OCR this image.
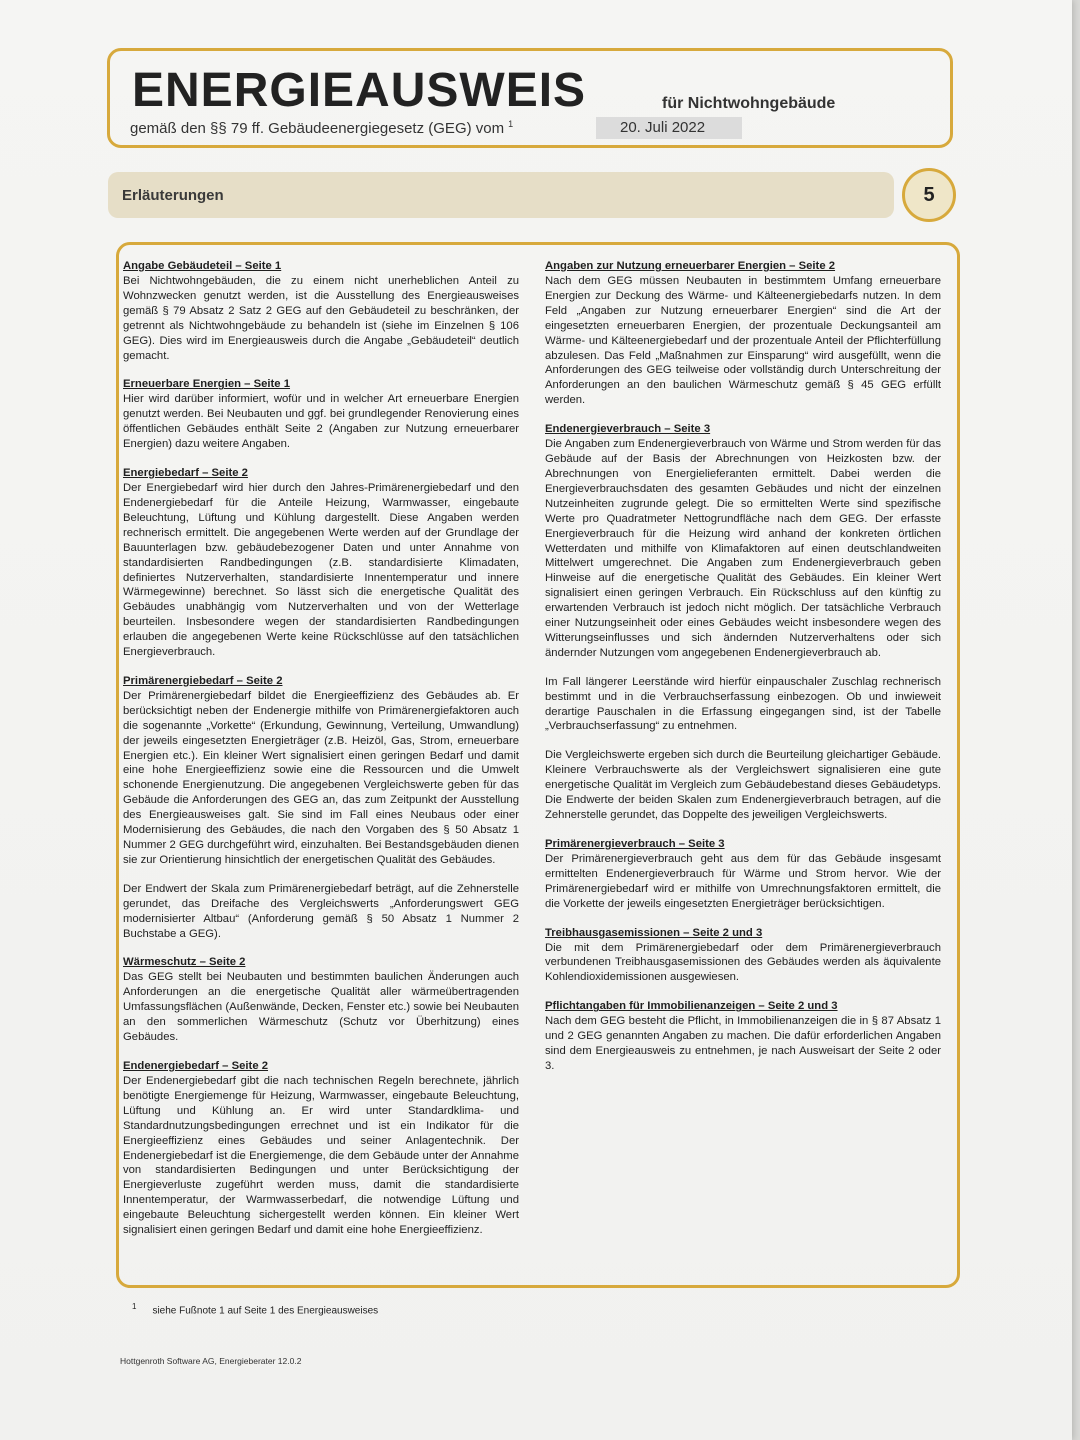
ENERGIEAUSWEIS	für Nichtwohngebäude
gemäß den §§ 79 ff. Gebäudeenergiegesetz (GEG) vom $^1$	20. Juli 2022
Erläuterungen	5
Angabe Gebäudeteil – Seite 1

Bei Nichtwohngebäuden, die zu einem nicht unerheblichen Anteil zu Wohnzwecken genutzt werden, ist die Ausstellung des Energieausweises gemäß § 79 Absatz 2 Satz 2 GEG auf den Gebäudeteil zu beschränken, der getrennt als Nichtwohngebäude zu behandeln ist (siehe im Einzelnen § 106 GEG). Dies wird im Energieausweis durch die Angabe „Gebäudeteil“ deutlich gemacht.

Erneuerbare Energien – Seite 1

Hier wird darüber informiert, wofür und in welcher Art erneuerbare Energien genutzt werden. Bei Neubauten und ggf. bei grundlegender Renovierung eines öffentlichen Gebäudes enthält Seite 2 (Angaben zur Nutzung erneuerbarer Energien) dazu weitere Angaben.

Energiebedarf – Seite 2

Der Energiebedarf wird hier durch den Jahres-Primärenergiebedarf und den Endenergiebedarf für die Anteile Heizung, Warmwasser, eingebaute Beleuchtung, Lüftung und Kühlung dargestellt. Diese Angaben werden rechnerisch ermittelt. Die angegebenen Werte werden auf der Grundlage der Bauunterlagen bzw. gebäudebezogener Daten und unter Annahme von standardisierten Randbedingungen (z.B. standardisierte Klimadaten, definiertes Nutzerverhalten, standardisierte Innentemperatur und innere Wärmegewinne) berechnet. So lässt sich die energetische Qualität des Gebäudes unabhängig vom Nutzerverhalten und von der Wetterlage beurteilen. Insbesondere wegen der standardisierten Randbedingungen erlauben die angegebenen Werte keine Rückschlüsse auf den tatsächlichen Energieverbrauch.

Primärenergiebedarf – Seite 2

Der Primärenergiebedarf bildet die Energieeffizienz des Gebäudes ab. Er berücksichtigt neben der Endenergie mithilfe von Primärenergiefaktoren auch die sogenannte „Vorkette“ (Erkundung, Gewinnung, Verteilung, Umwandlung) der jeweils eingesetzten Energieträger (z.B. Heizöl, Gas, Strom, erneuerbare Energien etc.). Ein kleiner Wert signalisiert einen geringen Bedarf und damit eine hohe Energieeffizienz sowie eine die Ressourcen und die Umwelt schonende Energienutzung. Die angegebenen Vergleichswerte geben für das Gebäude die Anforderungen des GEG an, das zum Zeitpunkt der Ausstellung des Energieausweises galt. Sie sind im Fall eines Neubaus oder einer Modernisierung des Gebäudes, die nach den Vorgaben des § 50 Absatz 1 Nummer 2 GEG durchgeführt wird, einzuhalten. Bei Bestandsgebäuden dienen sie zur Orientierung hinsichtlich der energetischen Qualität des Gebäudes.

Der Endwert der Skala zum Primärenergiebedarf beträgt, auf die Zehnerstelle gerundet, das Dreifache des Vergleichswerts „Anforderungswert GEG modernisierter Altbau“ (Anforderung gemäß § 50 Absatz 1 Nummer 2 Buchstabe a GEG).

Wärmeschutz – Seite 2

Das GEG stellt bei Neubauten und bestimmten baulichen Änderungen auch Anforderungen an die energetische Qualität aller wärmeübertragenden Umfassungsflächen (Außenwände, Decken, Fenster etc.) sowie bei Neubauten an den sommerlichen Wärmeschutz (Schutz vor Überhitzung) eines Gebäudes.

Endenergiebedarf – Seite 2

Der Endenergiebedarf gibt die nach technischen Regeln berechnete, jährlich benötigte Energiemenge für Heizung, Warmwasser, eingebaute Beleuchtung, Lüftung und Kühlung an. Er wird unter Standardklima- und Standardnutzungsbedingungen errechnet und ist ein Indikator für die Energieeffizienz eines Gebäudes und seiner Anlagentechnik. Der Endenergiebedarf ist die Energiemenge, die dem Gebäude unter der Annahme von standardisierten Bedingungen und unter Berücksichtigung der Energieverluste zugeführt werden muss, damit die standardisierte Innentemperatur, der Warmwasserbedarf, die notwendige Lüftung und eingebaute Beleuchtung sichergestellt werden können. Ein kleiner Wert signalisiert einen geringen Bedarf und damit eine hohe Energieeffizienz.

Angaben zur Nutzung erneuerbarer Energien – Seite 2

Nach dem GEG müssen Neubauten in bestimmtem Umfang erneuerbare Energien zur Deckung des Wärme- und Kälteenergiebedarfs nutzen. In dem Feld „Angaben zur Nutzung erneuerbarer Energien“ sind die Art der eingesetzten erneuerbaren Energien, der prozentuale Deckungsanteil am Wärme- und Kälteenergiebedarf und der prozentuale Anteil der Pflichterfüllung abzulesen. Das Feld „Maßnahmen zur Einsparung“ wird ausgefüllt, wenn die Anforderungen des GEG teilweise oder vollständig durch Unterschreitung der Anforderungen an den baulichen Wärmeschutz gemäß § 45 GEG erfüllt werden.

Endenergieverbrauch – Seite 3

Die Angaben zum Endenergieverbrauch von Wärme und Strom werden für das Gebäude auf der Basis der Abrechnungen von Heizkosten bzw. der Abrechnungen von Energielieferanten ermittelt. Dabei werden die Energieverbrauchsdaten des gesamten Gebäudes und nicht der einzelnen Nutzeinheiten zugrunde gelegt. Die so ermittelten Werte sind spezifische Werte pro Quadratmeter Nettogrundfläche nach dem GEG. Der erfasste Energieverbrauch für die Heizung wird anhand der konkreten örtlichen Wetterdaten und mithilfe von Klimafaktoren auf einen deutschlandweiten Mittelwert umgerechnet. Die Angaben zum Endenergieverbrauch geben Hinweise auf die energetische Qualität des Gebäudes. Ein kleiner Wert signalisiert einen geringen Verbrauch. Ein Rückschluss auf den künftig zu erwartenden Verbrauch ist jedoch nicht möglich. Der tatsächliche Verbrauch einer Nutzungseinheit oder eines Gebäudes weicht insbesondere wegen des Witterungseinflusses und sich ändernden Nutzerverhaltens oder sich ändernder Nutzungen vom angegebenen Endenergieverbrauch ab.

Im Fall längerer Leerstände wird hierfür einpauschaler Zuschlag rechnerisch bestimmt und in die Verbrauchserfassung einbezogen. Ob und inwieweit derartige Pauschalen in die Erfassung eingegangen sind, ist der Tabelle „Verbrauchserfassung“ zu entnehmen.

Die Vergleichswerte ergeben sich durch die Beurteilung gleichartiger Gebäude. Kleinere Verbrauchswerte als der Vergleichswert signalisieren eine gute energetische Qualität im Vergleich zum Gebäudebestand dieses Gebäudetyps. Die Endwerte der beiden Skalen zum Endenergieverbrauch betragen, auf die Zehnerstelle gerundet, das Doppelte des jeweiligen Vergleichswerts.

Primärenergieverbrauch – Seite 3

Der Primärenergieverbrauch geht aus dem für das Gebäude insgesamt ermittelten Endenergieverbrauch für Wärme und Strom hervor. Wie der Primärenergiebedarf wird er mithilfe von Umrechnungsfaktoren ermittelt, die die Vorkette der jeweils eingesetzten Energieträger berücksichtigen.

Treibhausgasemissionen – Seite 2 und 3

Die mit dem Primärenergiebedarf oder dem Primärenergieverbrauch verbundenen Treibhausgasemissionen des Gebäudes werden als äquivalente Kohlendioxidemissionen ausgewiesen.

Pflichtangaben für Immobilienanzeigen – Seite 2 und 3

Nach dem GEG besteht die Pflicht, in Immobilienanzeigen die in § 87 Absatz 1 und 2 GEG genannten Angaben zu machen. Die dafür erforderlichen Angaben sind dem Energieausweis zu entnehmen, je nach Ausweisart der Seite 2 oder 3.

$^1$ siehe Fußnote 1 auf Seite 1 des Energieausweises
Hottgenroth Software AG, Energieberater 12.0.2
